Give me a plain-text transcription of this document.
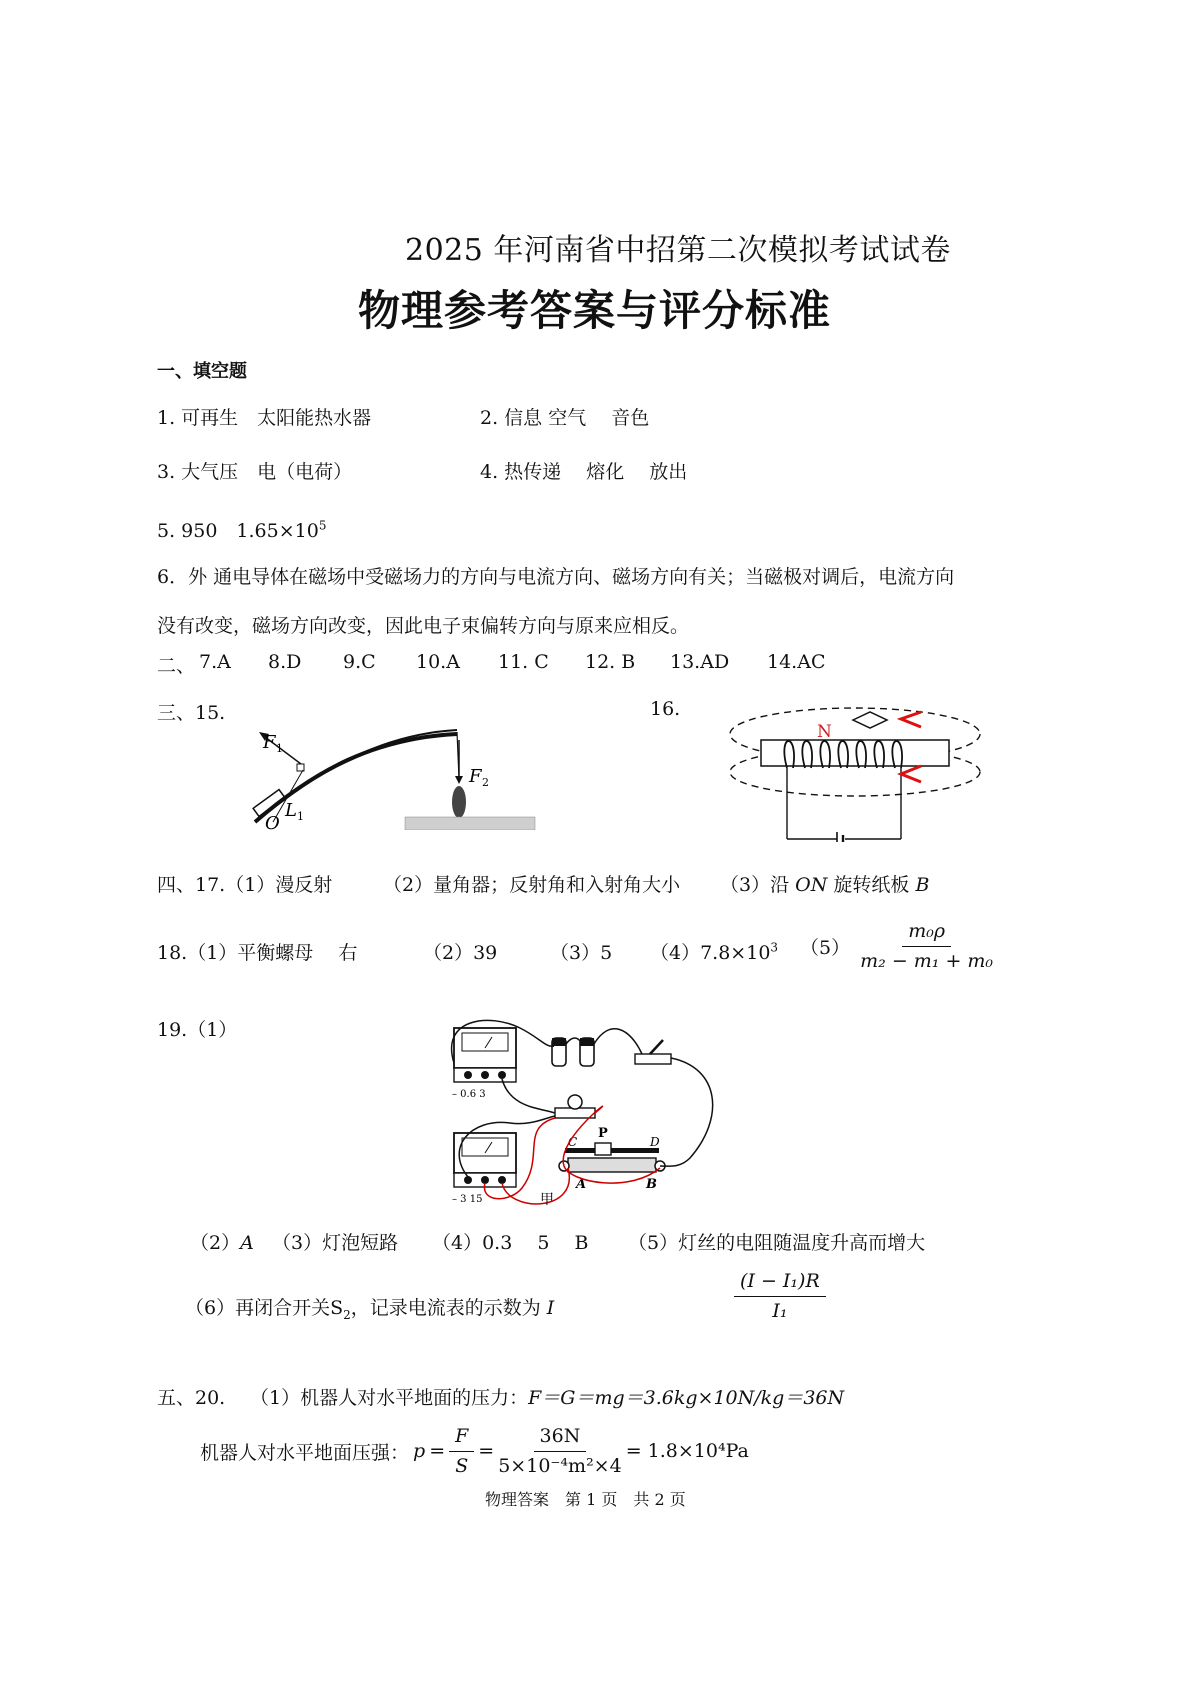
2025 年河南省中招第二次模拟考试试卷
物理参考答案与评分标准
一、填空题
1. 可再生　太阳能热水器	2. 信息 空气　 音色
3. 大气压　电（电荷）	4. 热传递　 熔化　 放出
5. 950　$1.65\times 10^5$
6．外 通电导体在磁场中受磁场力的方向与电流方向、磁场方向有关；当磁极对调后，电流方向
没有改变，磁场方向改变，因此电子束偏转方向与原来应相反。
二、 7.A 8.D 9.C 10.A 11. C 12. B 13.AD 14.AC
三、15.	16.
F 1
F 2
O
L 1
N
四、17.（1）漫反射	（2）量角器；反射角和入射角大小 （3）沿 ON 旋转纸板 B
18.（1）平衡螺母　 右	（2）39	（3）5 $(4)7.8\times 10^3$ $(5) \frac{\text{m₀ρ}}{\text{m₂ − m₁ + m₀}}$
19.（1）
– 0.6 3
– 3 15
C
P
D
A	B
甲
（2）A （3）灯泡短路 （4）0.3　 5　 B （5）灯丝的电阻随温度升高而增大
（6）再闭合开关$S_2$，记录电流表的示数为 I	$\frac{\text{(I − I₁)R}}{\text{I₁}}$
五、20. （1）机器人对水平地面的压力：F＝G＝mg＝3.6kg×10N/kg＝36N
机器人对水平地面压强： $p = \frac{F}{S} = \frac{36N}{\text{5×10⁻⁴m²×4}} = 1.8\times 10^4Pa$
物理答案　第 1 页　共 2 页
